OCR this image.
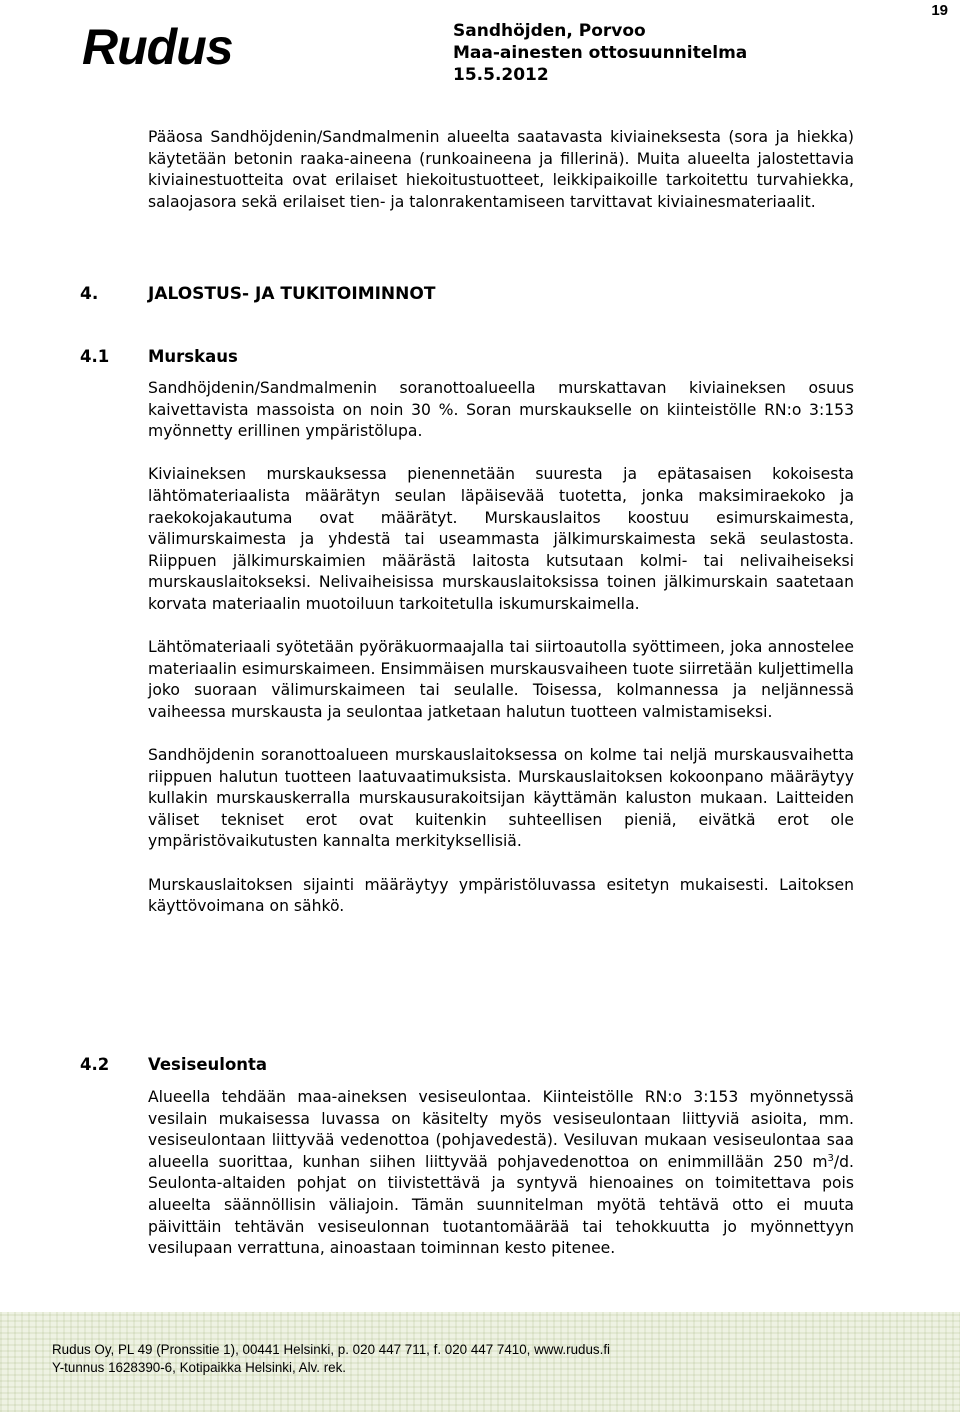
19
Rudus	Sandhöjden, Porvoo
Maa-ainesten ottosuunnitelma
15.5.2012

Pääosa Sandhöjdenin/Sandmalmenin alueelta saatavasta kiviaineksesta (sora ja hiekka) käytetään betonin raaka-aineena (runkoaineena ja fillerinä). Muita alueelta jalostettavia kiviainestuotteita ovat erilaiset hiekoitustuotteet, leikkipaikoille tarkoitettu turvahiekka, salaojasora sekä erilaiset tien- ja talonrakentamiseen tarvittavat kiviainesmateriaalit.

4.	JALOSTUS- JA TUKITOIMINNOT
4.1 Murskaus

Sandhöjdenin/Sandmalmenin soranottoalueella murskattavan kiviaineksen osuus kaivettavista massoista on noin 30 %. Soran murskaukselle on kiinteistölle RN:o 3:153 myönnetty erillinen ympäristölupa.

Kiviaineksen murskauksessa pienennetään suuresta ja epätasaisen kokoisesta lähtömateriaalista määrätyn seulan läpäisevää tuotetta, jonka maksimiraekoko ja raekokojakautuma ovat määrätyt. Murskauslaitos koostuu esimurskaimesta, välimurskaimesta ja yhdestä tai useammasta jälkimurskaimesta sekä seulastosta. Riippuen jälkimurskaimien määrästä laitosta kutsutaan kolmi- tai nelivaiheiseksi murskauslaitokseksi. Nelivaiheisissa murskauslaitoksissa toinen jälkimurskain saatetaan korvata materiaalin muotoiluun tarkoitetulla iskumurskaimella.

Lähtömateriaali syötetään pyöräkuormaajalla tai siirtoautolla syöttimeen, joka annostelee materiaalin esimurskaimeen. Ensimmäisen murskausvaiheen tuote siirretään kuljettimella joko suoraan välimurskaimeen tai seulalle. Toisessa, kolmannessa ja neljännessä vaiheessa murskausta ja seulontaa jatketaan halutun tuotteen valmistamiseksi.

Sandhöjdenin soranottoalueen murskauslaitoksessa on kolme tai neljä murskausvaihetta riippuen halutun tuotteen laatuvaatimuksista. Murskauslaitoksen kokoonpano määräytyy kullakin murskauskerralla murskausurakoitsijan käyttämän kaluston mukaan. Laitteiden väliset tekniset erot ovat kuitenkin suhteellisen pieniä, eivätkä erot ole ympäristövaikutusten kannalta merkityksellisiä.

Murskauslaitoksen sijainti määräytyy ympäristöluvassa esitetyn mukaisesti. Laitoksen käyttövoimana on sähkö.

4.2 Vesiseulonta

Alueella tehdään maa-aineksen vesiseulontaa. Kiinteistölle RN:o 3:153 myönnetyssä vesilain mukaisessa luvassa on käsitelty myös vesiseulontaan liittyviä asioita, mm. vesiseulontaan liittyvää vedenottoa (pohjavedestä). Vesiluvan mukaan vesiseulontaa saa alueella suorittaa, kunhan siihen liittyvää pohjavedenottoa on enimmillään 250 $m^3/d$. Seulonta-altaiden pohjat on tiivistettävä ja syntyvä hienoaines on toimitettava pois alueelta säännöllisin väliajoin. Tämän suunnitelman myötä tehtävä otto ei muuta päivittäin tehtävän vesiseulonnan tuotantomäärää tai tehokkuutta jo myönnettyyn vesilupaan verrattuna, ainoastaan toiminnan kesto pitenee.

Rudus Oy, PL 49 (Pronssitie 1), 00441 Helsinki, p. 020 447 711, f. 020 447 7410, www.rudus.fi
Y-tunnus 1628390-6, Kotipaikka Helsinki, Alv. rek.
